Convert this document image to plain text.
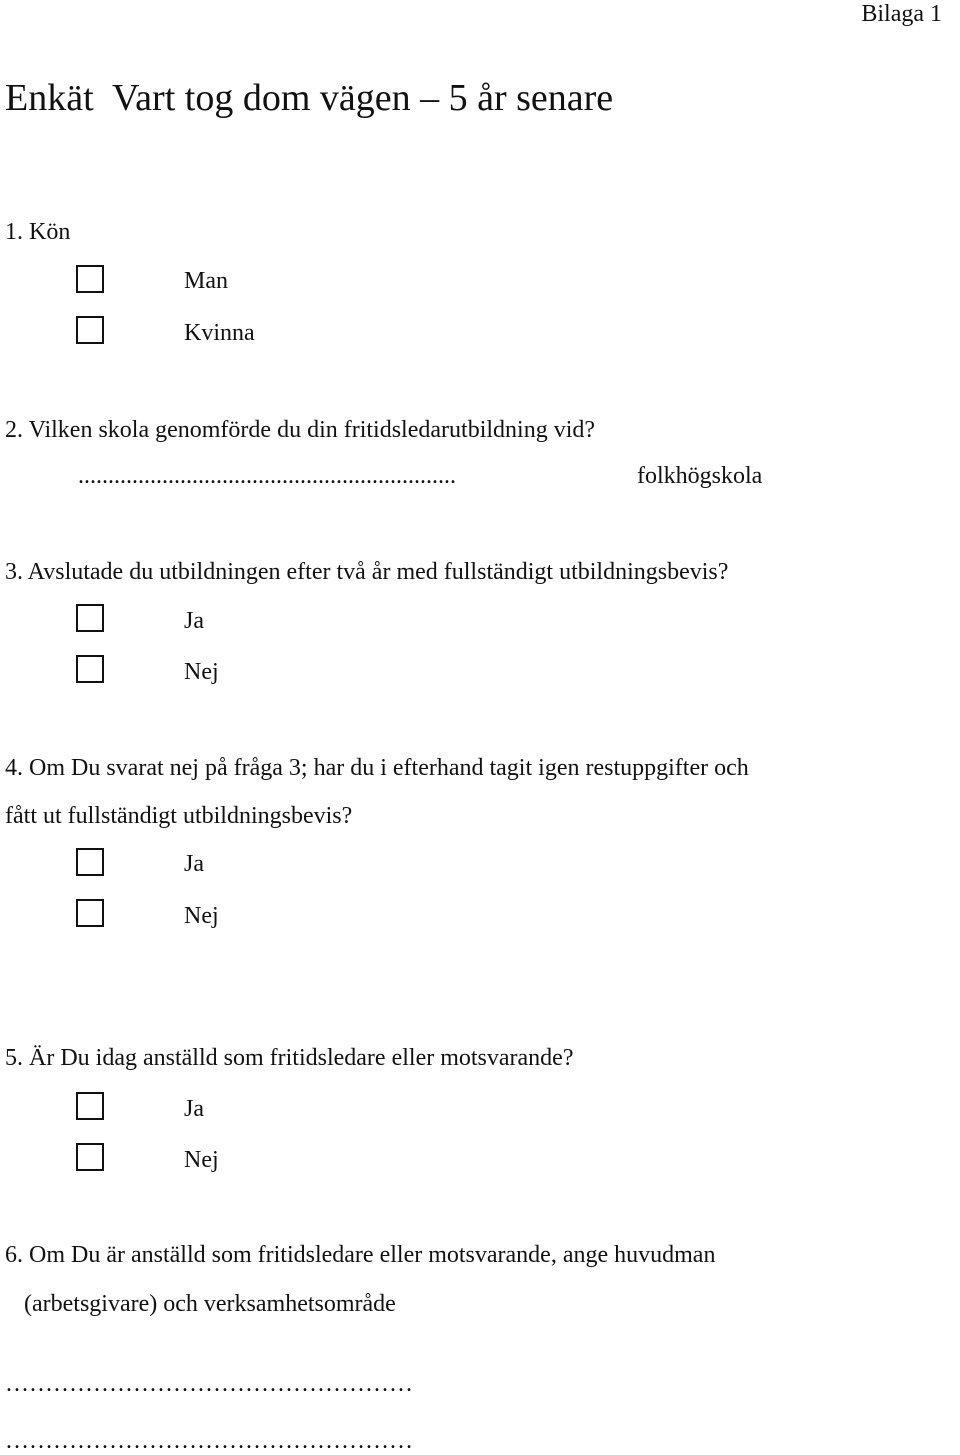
Bilaga 1
Enkät  Vart tog dom vägen – 5 år senare
1. Kön
Man
Kvinna
2. Vilken skola genomförde du din fritidsledarutbildning vid?
...............................................................	folkhögskola
3. Avslutade du utbildningen efter två år med fullständigt utbildningsbevis?
Ja
Nej
4. Om Du svarat nej på fråga 3; har du i efterhand tagit igen restuppgifter och
fått ut fullständigt utbildningsbevis?
Ja
Nej
5. Är Du idag anställd som fritidsledare eller motsvarande?
Ja
Nej
6. Om Du är anställd som fritidsledare eller motsvarande, ange huvudman
(arbetsgivare) och verksamhetsområde
……………………………………………
……………………………………………
